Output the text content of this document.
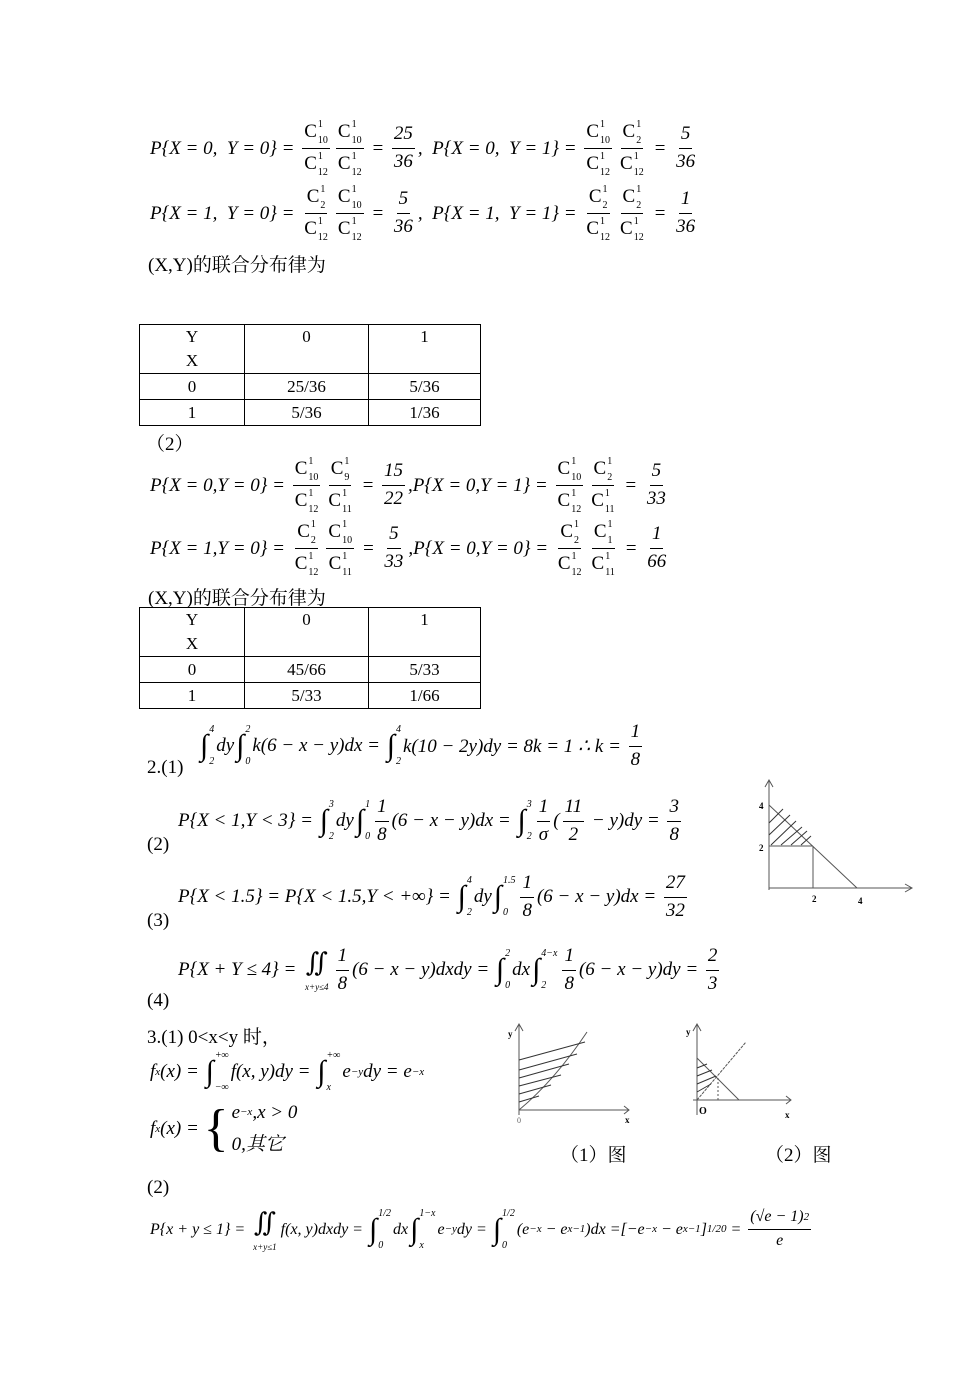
P{X = 0,  Y = 0} = C 1
10
C 1
12 C 1
10
C 1
$12 = \frac{25}{36}$ ,  P{X = 0,  Y = 1} = C 1
10
C 1
12 C 1
2
C 1
$12 = \frac{5}{36}$
P{X = 1,  Y = 0} = C 1
2
C 1
12 C 1
10
C 1
$12 = \frac{5}{36}$ ,  P{X = 1,  Y = 1} = C 1
2
C 1
12 C 1
2
C 1
$12 = \frac{1}{36}$
(X,Y)的联合分布律为
Y
X	0	1
0	25/36	5/36
1	5/36	1/36
（2）
P{X = 0,Y = 0} = C 1
10
C 1
12 C 1
9
C 1
$11 = \frac{15}{22} ,P\{X = 0,Y = 1\} = C$ 1
10
C 1
12 C 1
2
C 1
$11 = \frac{5}{33}$
P{X = 1,Y = 0} = C 1
2
C 1
12 C 1
10
C 1
$11 = \frac{5}{33} ,P\{X = 0,Y = 0\} = C$ 1
2
C 1
12 C 1
1
C 1
$11 = \frac{1}{66}$
(X,Y)的联合分布律为
Y
X	0	1
0	45/66	5/33
1	5/33	1/66
2.(1)
∫ 4
2
dy ∫ 2
0
k(6 − x − y)dx = ∫ 4
2
k(10 − 2y)dy = 8k = 1 ∴ $k = \frac{1}{8}$
(2)
P{X < 1,Y < 3} = ∫ 3
2
dy ∫ 1
$0 \frac{1}{8} (6 - x - y)dx$ = ∫ 3
$2 \frac{1}{\sigma}$ ( $\frac{11}{2} - y)dy = \frac{3}{8}$
(3)
P{X < 1.5} = P{X < 1.5,Y < +∞} = ∫ 4
2
dy ∫ 1.5
$0 \frac{1}{8} (6 - x - y)dx = \frac{27}{32}$
(4)
P{X + Y ≤ 4} = ∬
$x+y\le 4 \frac{1}{8} (6 - x$ − y)dxdy = ∫ 2
0
dx ∫ 4−x
$2 \frac{1}{8} (6 - x - y)dy = \frac{2}{3}$
4
2
2	4
3.(1) 0<x<y 时，
f x (x) = ∫ +∞
−∞
f(x, y)dy = ∫ +∞
x
e −y dy = e −x
f x (x) = { e −x ,x > 0
0,其它
y
0	x
y
O	x
（1）图	（2）图
(2)
P{x + y ≤ 1} = ∬
x+y≤1
f(x, y)dxdy = ∫ 1/2
0
dx ∫ 1−x
x
e −y dy = ∫ 1/2
0
(e −x − e x−1 )dx =[−e −x − e x−1 ] 1/2 $0 = \frac{(√e - 1) 2}{e}$
